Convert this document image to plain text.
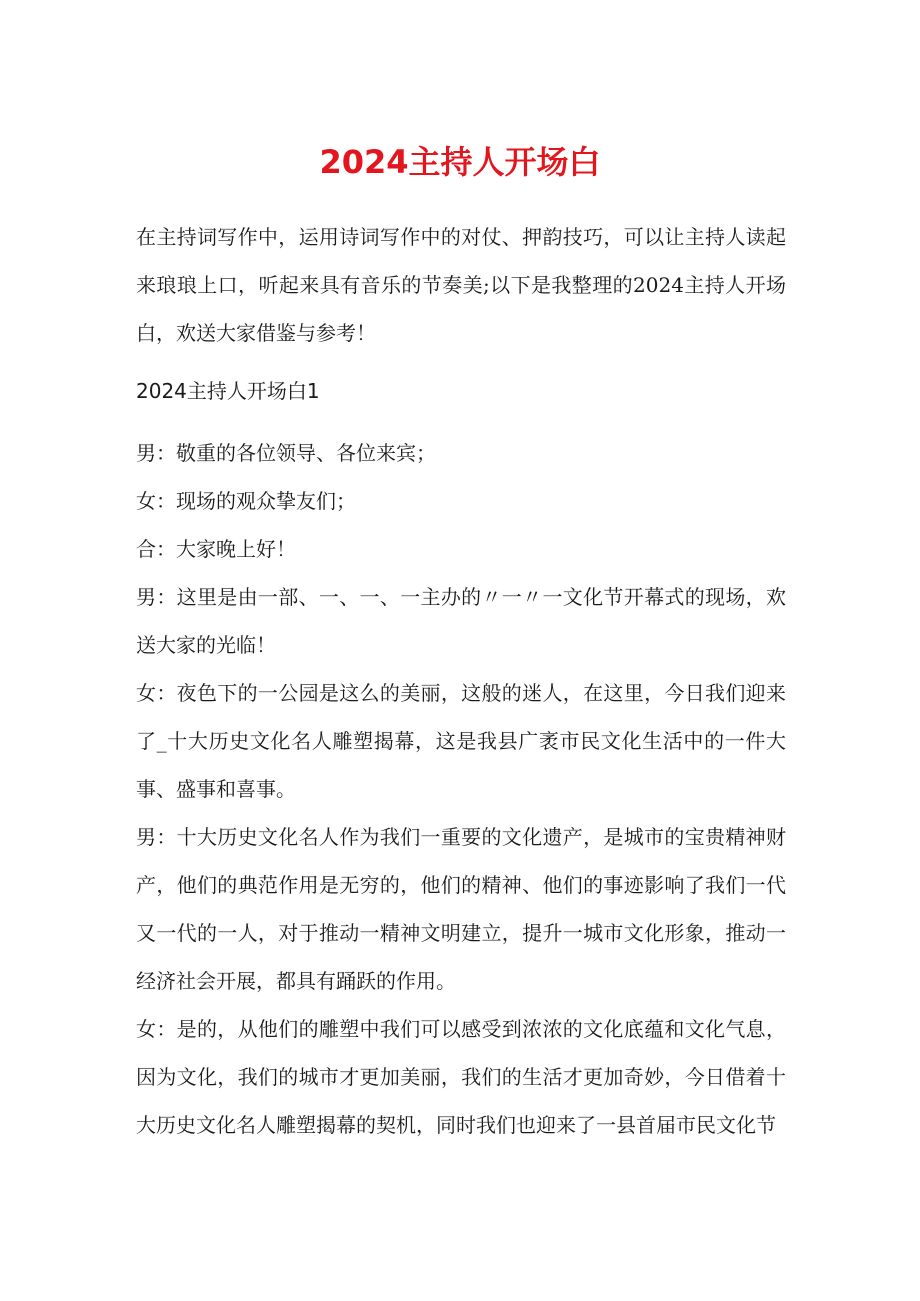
2024主持人开场白

在主持词写作中，运用诗词写作中的对仗、押韵技巧，可以让主持人读起来琅琅上口，听起来具有音乐的节奏美;以下是我整理的2024主持人开场白，欢送大家借鉴与参考！

2024主持人开场白1

男：敬重的各位领导、各位来宾；

女：现场的观众挚友们；

合：大家晚上好！

男：这里是由一部、一、一、一主办的〃一〃一文化节开幕式的现场，欢送大家的光临！

女：夜色下的一公园是这么的美丽，这般的迷人，在这里，今日我们迎来了_十大历史文化名人雕塑揭幕，这是我县广袤市民文化生活中的一件大事、盛事和喜事。

男：十大历史文化名人作为我们一重要的文化遗产，是城市的宝贵精神财产，他们的典范作用是无穷的，他们的精神、他们的事迹影响了我们一代又一代的一人，对于推动一精神文明建立，提升一城市文化形象，推动一经济社会开展，都具有踊跃的作用。

女：是的，从他们的雕塑中我们可以感受到浓浓的文化底蕴和文化气息，因为文化，我们的城市才更加美丽，我们的生活才更加奇妙，今日借着十大历史文化名人雕塑揭幕的契机，同时我们也迎来了一县首届市民文化节
